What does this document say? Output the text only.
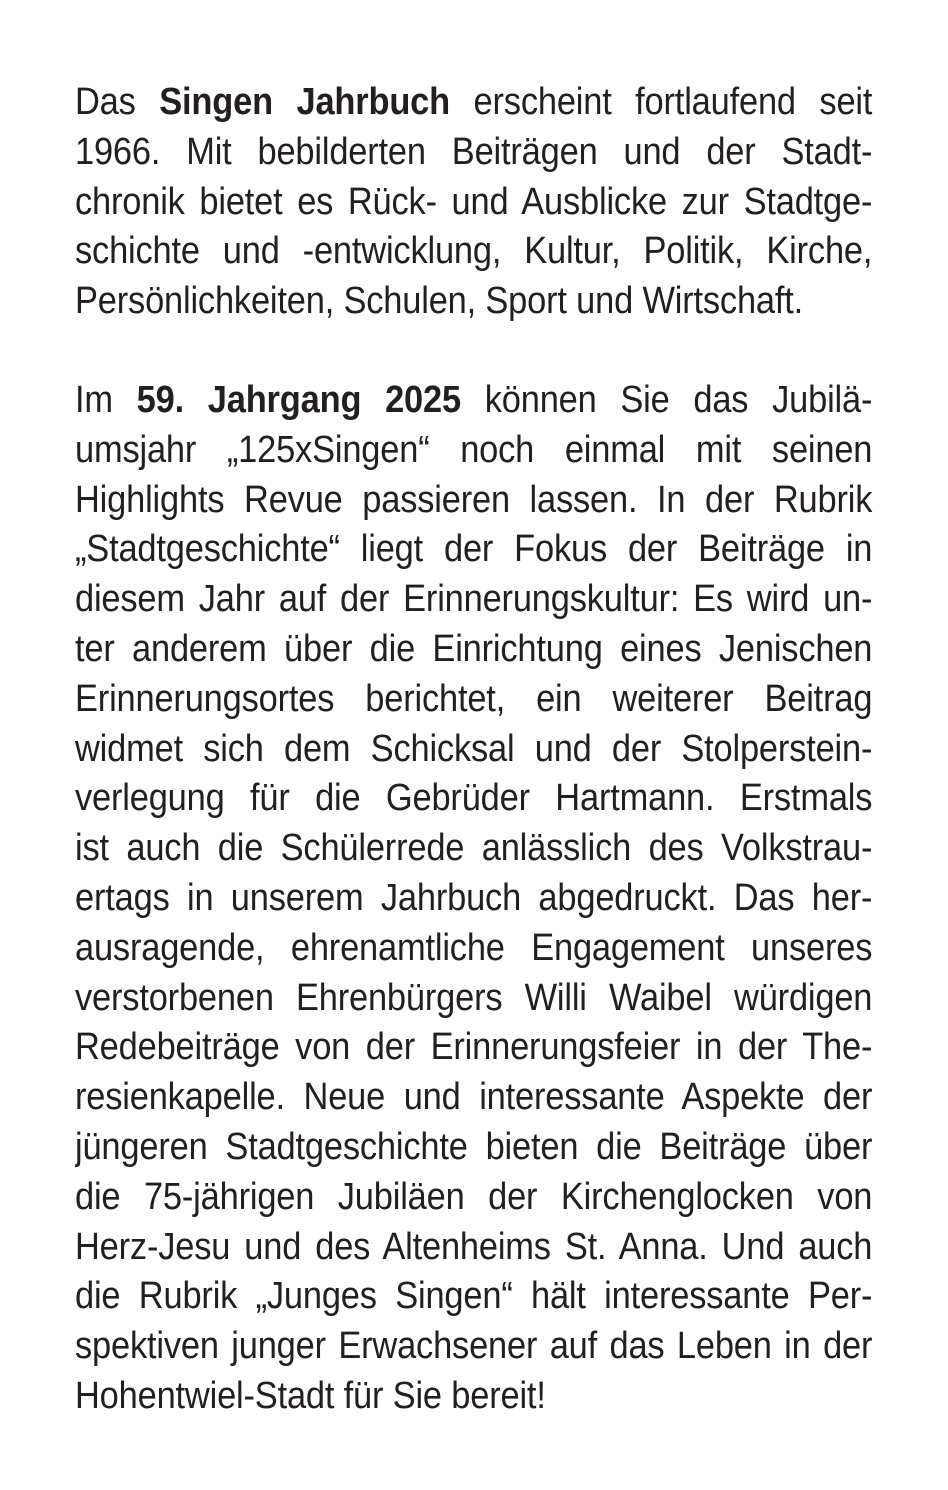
Das Singen Jahrbuch erscheint fortlaufend seit
1966. Mit bebilderten Beiträgen und der Stadt-
chronik bietet es Rück- und Ausblicke zur Stadtge-
schichte und -entwicklung, Kultur, Politik, Kirche,
Persönlichkeiten, Schulen, Sport und Wirtschaft.
Im 59. Jahrgang 2025 können Sie das Jubilä-
umsjahr „125xSingen“ noch einmal mit seinen
Highlights Revue passieren lassen. In der Rubrik
„Stadtgeschichte“ liegt der Fokus der Beiträge in
diesem Jahr auf der Erinnerungskultur: Es wird un-
ter anderem über die Einrichtung eines Jenischen
Erinnerungsortes berichtet, ein weiterer Beitrag
widmet sich dem Schicksal und der Stolperstein-
verlegung für die Gebrüder Hartmann. Erstmals
ist auch die Schülerrede anlässlich des Volkstrau-
ertags in unserem Jahrbuch abgedruckt. Das her-
ausragende, ehrenamtliche Engagement unseres
verstorbenen Ehrenbürgers Willi Waibel würdigen
Redebeiträge von der Erinnerungsfeier in der The-
resienkapelle. Neue und interessante Aspekte der
jüngeren Stadtgeschichte bieten die Beiträge über
die 75-jährigen Jubiläen der Kirchenglocken von
Herz-Jesu und des Altenheims St. Anna. Und auch
die Rubrik „Junges Singen“ hält interessante Per-
spektiven junger Erwachsener auf das Leben in der
Hohentwiel-Stadt für Sie bereit!
